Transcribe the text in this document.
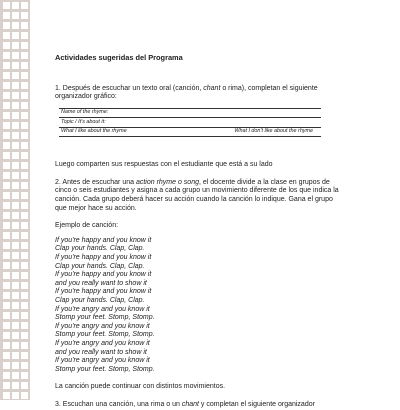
Actividades sugeridas del Programa

1. Después de escuchar un texto oral (canción, chant o rima), completan el siguiente organizador gráfico:

Name of the rhyme:
Topic / It's about it:
What I like about the rhyme	What I don't like about the rhyme

Luego comparten sus respuestas con el estudiante que está a su lado

2. Antes de escuchar una action rhyme o song, el docente divide a la clase en grupos de cinco o seis estudiantes y asigna a cada grupo un movimiento diferente de los que indica la canción. Cada grupo deberá hacer su acción cuando la canción lo indique. Gana el grupo que mejor hace su acción.

Ejemplo de canción:

If you're happy and you know it

Clap your hands. Clap, Clap.

If you're happy and you know it

Clap your hands. Clap, Clap.

If you're happy and you know it

and you really want to show it

If you're happy and you know it

Clap your hands. Clap, Clap.

If you're angry and you know it

Stomp your feet. Stomp, Stomp.

If you're angry and you know it

Stomp your feet. Stomp, Stomp.

If you're angry and you know it

and you really want to show it

If you're angry and you know it

Stomp your feet. Stomp, Stomp.

La canción puede continuar con distintos movimientos.

3. Escuchan una canción, una rima o un chant y completan el siguiente organizador
